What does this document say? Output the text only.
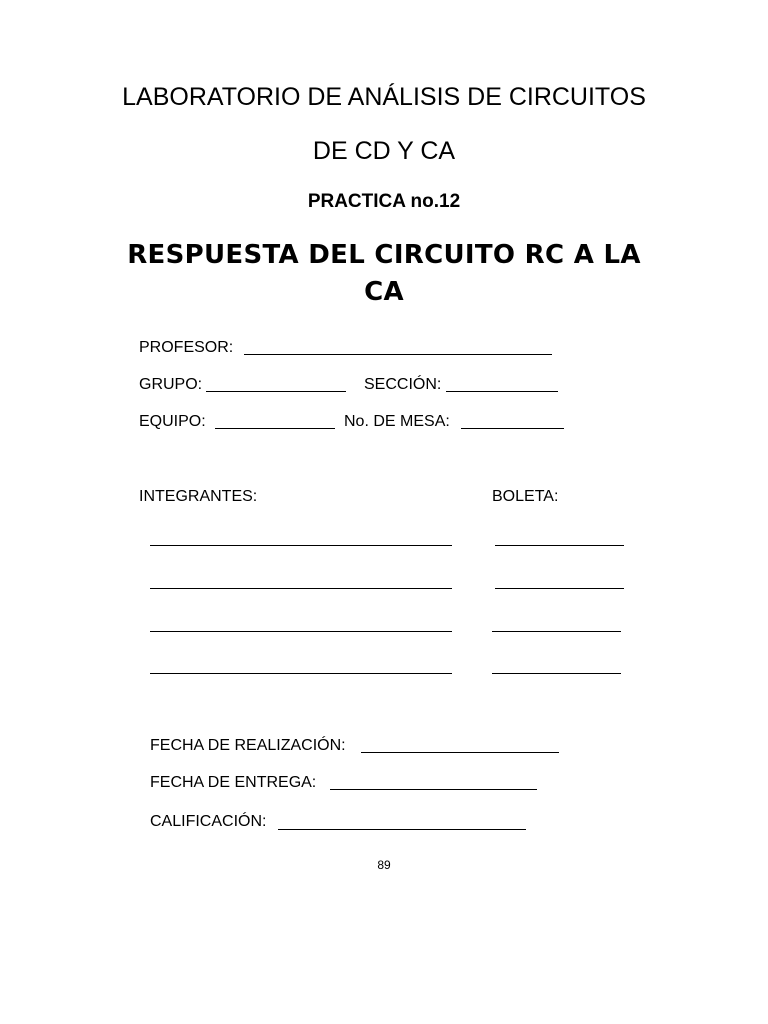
LABORATORIO DE ANÁLISIS DE CIRCUITOS
DE CD Y CA
PRACTICA no.12
RESPUESTA DEL CIRCUITO RC A LA
CA
PROFESOR:
GRUPO:	SECCIÓN:
EQUIPO:	No. DE MESA:
INTEGRANTES:	BOLETA:
FECHA DE REALIZACIÓN:
FECHA DE ENTREGA:
CALIFICACIÓN:
89
